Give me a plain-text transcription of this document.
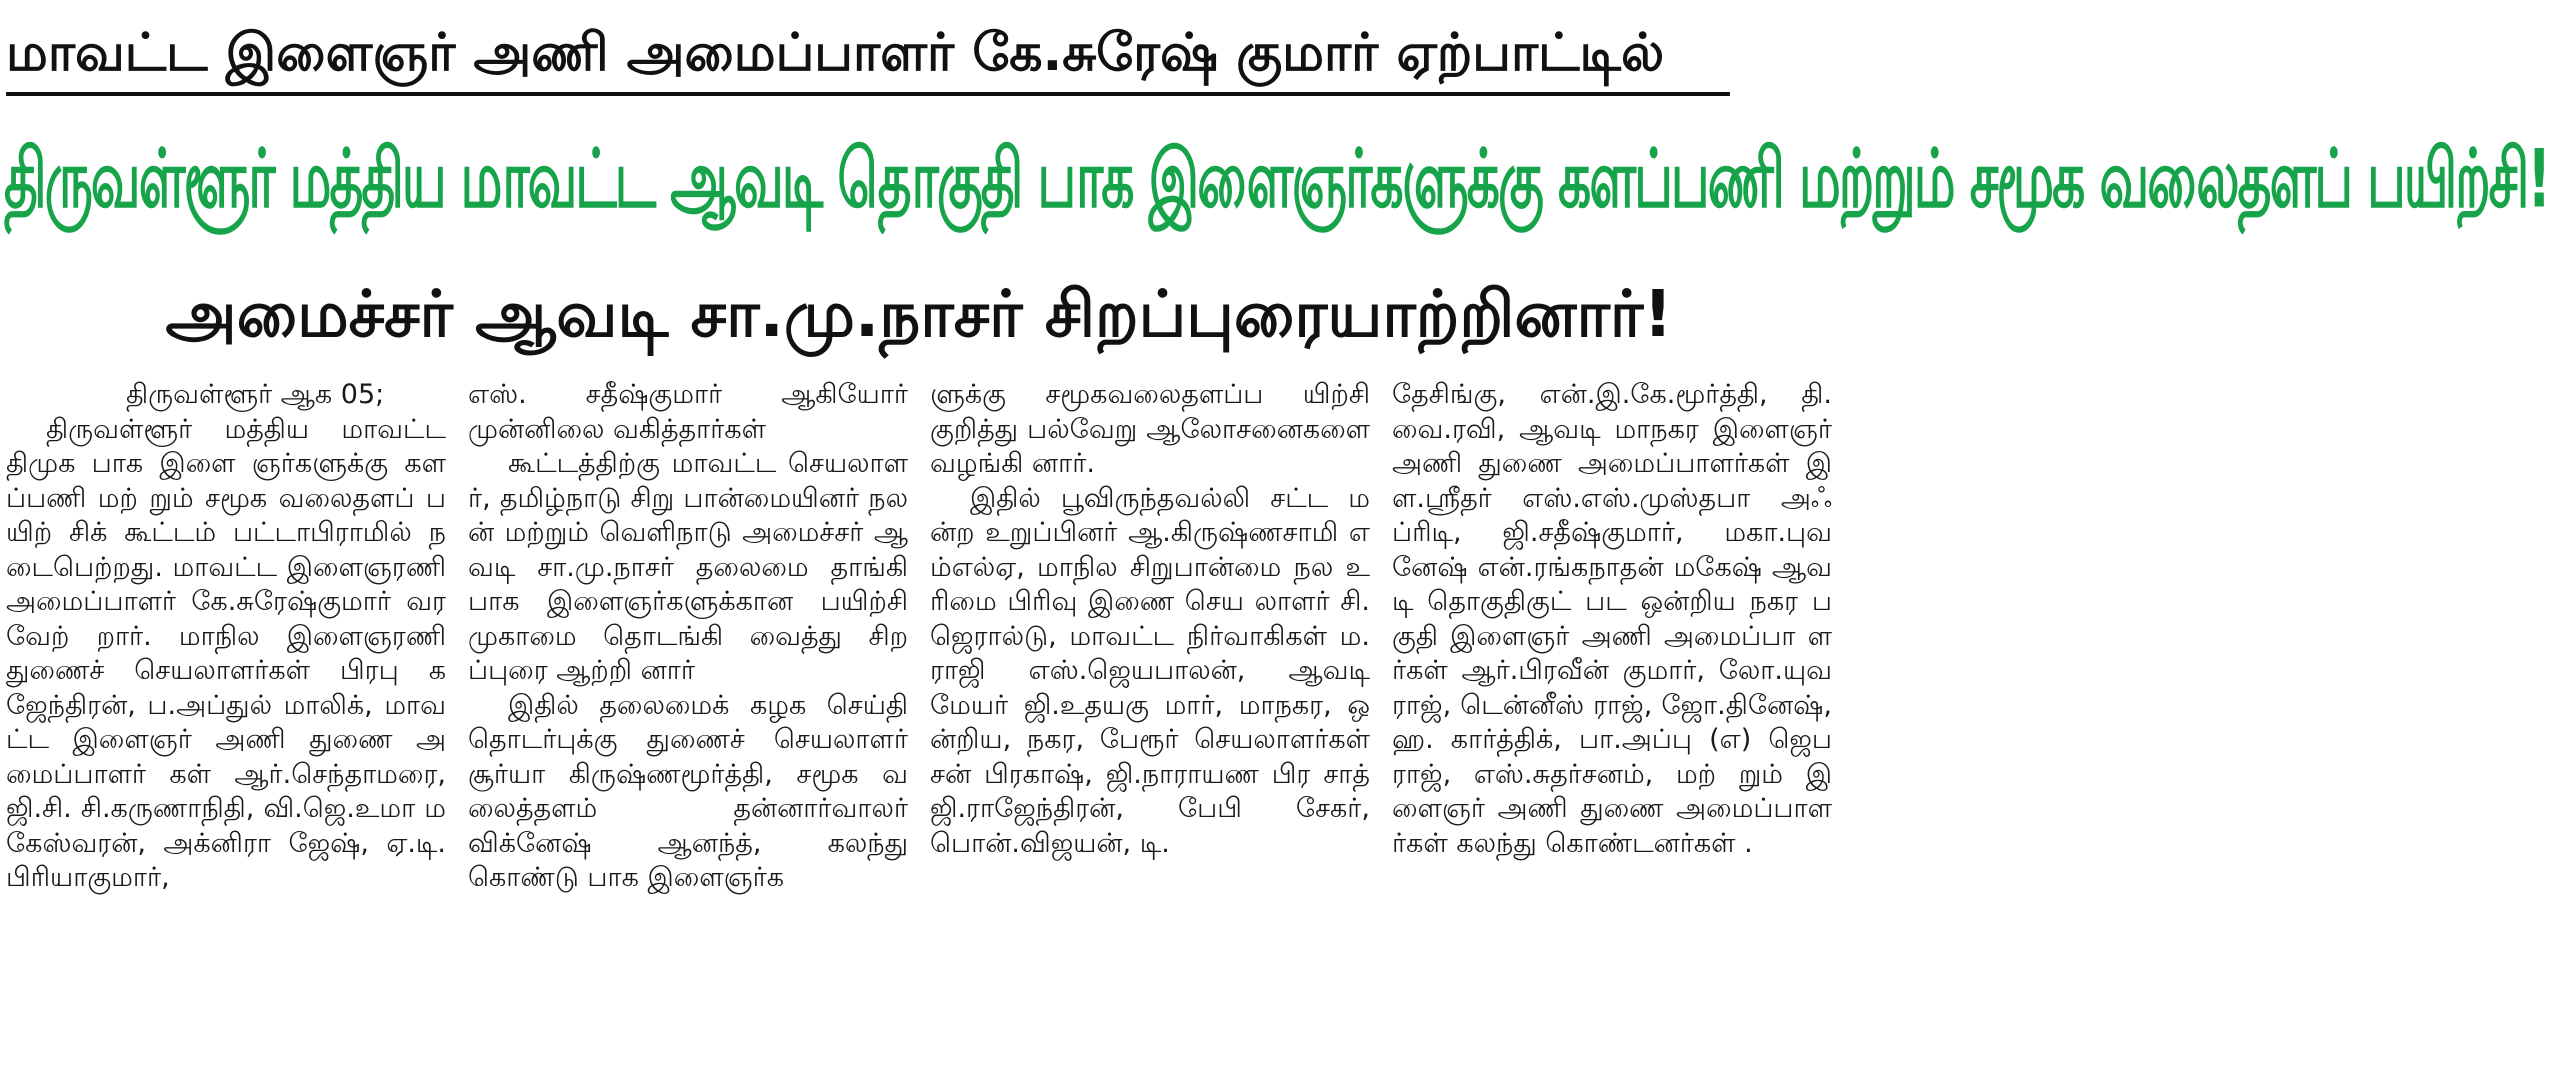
மாவட்ட இளைஞர் அணி அமைப்பாளர் கே.சுரேஷ் குமார் ஏற்பாட்டில்
திருவள்ளூர் மத்திய மாவட்ட ஆவடி தொகுதி பாக இளைஞர்களுக்கு களப்பணி மற்றும் சமூக வலைதளப் பயிற்சி!
அமைச்சர் ஆவடி சா.மு.நாசர் சிறப்புரையாற்றினார்!

திருவள்ளூர் ஆக 05;

திருவள்ளூர் மத்திய மாவட்ட திமுக பாக இளை ஞர்களுக்கு களப்பணி மற் றும் சமூக வலைதளப் பயிற் சிக் கூட்டம் பட்டாபிராமில் நடைபெற்றது. மாவட்ட இளைஞரணி அமைப்பாளர் கே.சுரேஷ்குமார் வரவேற் றார். மாநில இளைஞரணி துணைச் செயலாளர்கள் பிரபு கஜேந்திரன், ப.அப்துல் மாலிக், மாவட்ட இளைஞர் அணி துணை அமைப்பாளர் கள் ஆர்.செந்தாமரை, ஜி.சி. சி.கருணாநிதி, வி.ஜெ.உமா மகேஸ்வரன், அக்னிரா ஜேஷ், ஏ.டி.பிரியாகுமார்,

எஸ். சதீஷ்குமார் ஆகியோர் முன்னிலை வகித்தார்கள்

கூட்டத்திற்கு மாவட்ட செயலாளர், தமிழ்நாடு சிறு பான்மையினர் நலன் மற்றும் வெளிநாடு அமைச்சர் ஆவடி சா.மு.நாசர் தலைமை தாங்கி பாக இளைஞர்களுக்கான பயிற்சி முகாமை தொடங்கி வைத்து சிறப்புரை ஆற்றி னார்

இதில் தலைமைக் கழக செய்தி தொடர்புக்கு துணைச் செயலாளர் சூர்யா கிருஷ்ணமூர்த்தி, சமூக வலைத்தளம் தன்னார்வாலர் விக்னேஷ் ஆனந்த், கலந்து கொண்டு பாக இளைஞர்க

ளுக்கு சமூகவலைதளப்ப யிற்சி குறித்து பல்வேறு ஆலோசனைகளை வழங்கி னார்.

இதில் பூவிருந்தவல்லி சட்ட மன்ற உறுப்பினர் ஆ.கிருஷ்ணசாமி எம்எல்ஏ, மாநில சிறுபான்மை நல உரிமை பிரிவு இணை செய லாளர் சி.ஜெரால்டு, மாவட்ட நிர்வாகிகள் ம. ராஜி எஸ்.ஜெயபாலன், ஆவடி மேயர் ஜி.உதயகு மார், மாநகர, ஒன்றிய, நகர, பேரூர் செயலாளர்கள் சன் பிரகாஷ், ஜி.நாராயண பிர சாத் ஜி.ராஜேந்திரன், பேபி சேகர், பொன்.விஜயன், டி.

தேசிங்கு, என்.இ.கே.மூர்த்தி, தி.வை.ரவி, ஆவடி மாநகர இளைஞர் அணி துணை அமைப்பாளர்கள் இள.ஸ்ரீதர் எஸ்.எஸ்.முஸ்தபா அஃப்ரிடி, ஜி.சதீஷ்குமார், மகா.புவ னேஷ் என்.ரங்கநாதன் மகேஷ் ஆவடி தொகுதிகுட் பட ஒன்றிய நகர பகுதி இளைஞர் அணி அமைப்பா ளர்கள் ஆர்.பிரவீன் குமார், லோ.யுவராஜ், டென்னீஸ் ராஜ், ஜோ.தினேஷ், ஹ. கார்த்திக், பா.அப்பு (எ) ஜெப ராஜ், எஸ்.சுதர்சனம், மற் றும் இளைஞர் அணி துணை அமைப்பாளர்கள் கலந்து கொண்டனர்கள் .
